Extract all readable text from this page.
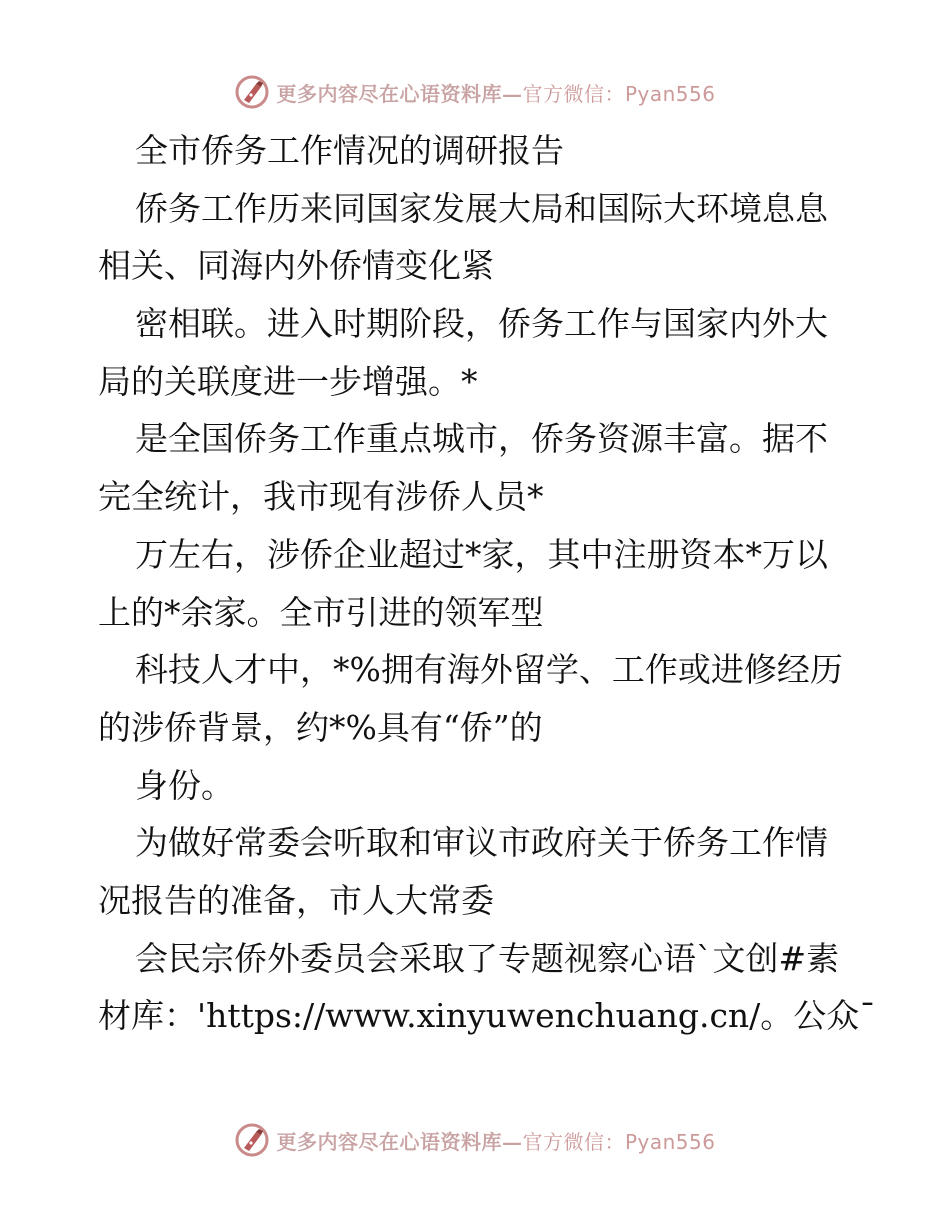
更多内容尽在心语资料库—官方微信：Pyan556
全市侨务工作情况的调研报告
侨务工作历来同国家发展大局和国际大环境息息
相关、同海内外侨情变化紧
密相联。进入时期阶段，侨务工作与国家内外大
局的关联度进一步增强。*
是全国侨务工作重点城市，侨务资源丰富。据不
完全统计，我市现有涉侨人员*
万左右，涉侨企业超过*家，其中注册资本*万以
上的*余家。全市引进的领军型
科技人才中，*%拥有海外留学、工作或进修经历
的涉侨背景，约*%具有“侨”的
身份。
为做好常委会听取和审议市政府关于侨务工作情
况报告的准备，市人大常委
会民宗侨外委员会采取了专题视察心语`文创#素
材库：'https://www.xinyuwenchuang.cn/。公众¯
更多内容尽在心语资料库—官方微信：Pyan556
